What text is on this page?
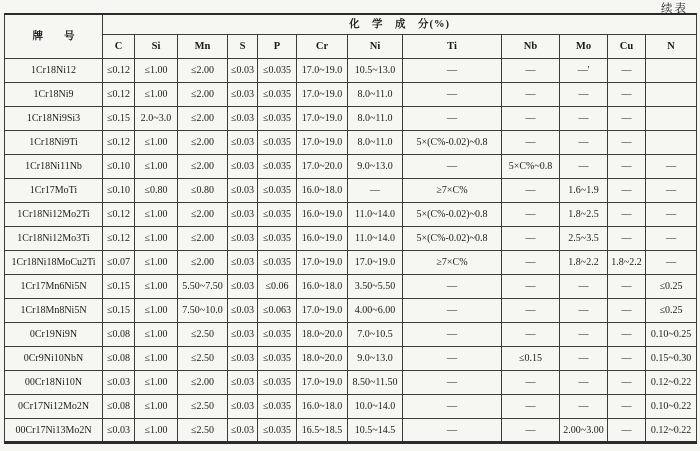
续表
牌　　号	化　学　成　分(%)											
	C	Si	Mn	S	P	Cr	Ni	Ti	Nb	Mo	Cu	N
1Cr18Ni12	≤0.12	≤1.00	≤2.00	≤0.03	≤0.035	17.0~19.0	10.5~13.0	—	—	—'	—	
1Cr18Ni9	≤0.12	≤1.00	≤2.00	≤0.03	≤0.035	17.0~19.0	8.0~11.0	—	—	—	—	
1Cr18Ni9Si3	≤0.15	2.0~3.0	≤2.00	≤0.03	≤0.035	17.0~19.0	8.0~11.0	—	—	—	—	
1Cr18Ni9Ti	≤0.12	≤1.00	≤2.00	≤0.03	≤0.035	17.0~19.0	8.0~11.0	5×(C%-0.02)~0.8	—	—	—	
1Cr18Ni11Nb	≤0.10	≤1.00	≤2.00	≤0.03	≤0.035	17.0~20.0	9.0~13.0	—	5×C%~0.8	—	—	—
1Cr17MoTi	≤0.10	≤0.80	≤0.80	≤0.03	≤0.035	16.0~18.0	—	≥7×C%	—	1.6~1.9	—	—
1Cr18Ni12Mo2Ti	≤0.12	≤1.00	≤2.00	≤0.03	≤0.035	16.0~19.0	11.0~14.0	5×(C%-0.02)~0.8	—	1.8~2.5	—	—
1Cr18Ni12Mo3Ti	≤0.12	≤1.00	≤2.00	≤0.03	≤0.035	16.0~19.0	11.0~14.0	5×(C%-0.02)~0.8	—	2.5~3.5	—	—
1Cr18Ni18MoCu2Ti	≤0.07	≤1.00	≤2.00	≤0.03	≤0.035	17.0~19.0	17.0~19.0	≥7×C%	—	1.8~2.2	1.8~2.2	—
1Cr17Mn6Ni5N	≤0.15	≤1.00	5.50~7.50	≤0.03	≤0.06	16.0~18.0	3.50~5.50	—	—	—	—	≤0.25
1Cr18Mn8Ni5N	≤0.15	≤1.00	7.50~10.0	≤0.03	≤0.063	17.0~19.0	4.00~6.00	—	—	—	—	≤0.25
0Cr19Ni9N	≤0.08	≤1.00	≤2.50	≤0.03	≤0.035	18.0~20.0	7.0~10.5	—	—	—	—	0.10~0.25
0Cr9Ni10NbN	≤0.08	≤1.00	≤2.50	≤0.03	≤0.035	18.0~20.0	9.0~13.0	—	≤0.15	—	—	0.15~0.30
00Cr18Ni10N	≤0.03	≤1.00	≤2.00	≤0.03	≤0.035	17.0~19.0	8.50~11.50	—	—	—	—	0.12~0.22
0Cr17Ni12Mo2N	≤0.08	≤1.00	≤2.50	≤0.03	≤0.035	16.0~18.0	10.0~14.0	—	—	—	—	0.10~0.22
00Cr17Ni13Mo2N	≤0.03	≤1.00	≤2.50	≤0.03	≤0.035	16.5~18.5	10.5~14.5	—	—	2.00~3.00	—	0.12~0.22
